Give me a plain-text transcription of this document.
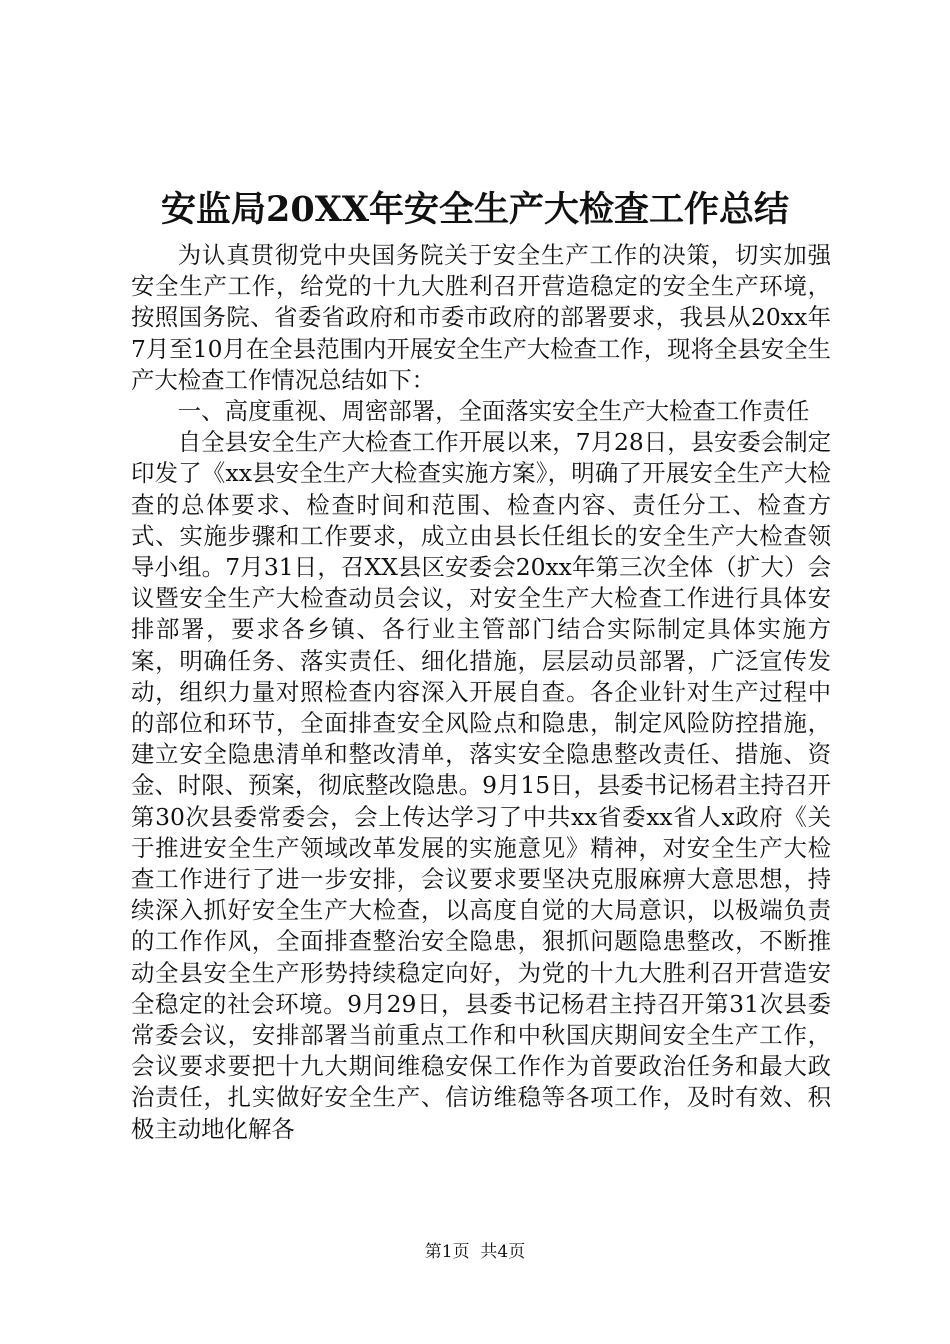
安监局20XX年安全生产大检查工作总结

为认真贯彻党中央国务院关于安全生产工作的决策，切实加强安全生产工作，给党的十九大胜利召开营造稳定的安全生产环境，按照国务院、省委省政府和市委市政府的部署要求，我县从20xx年7月至10月在全县范围内开展安全生产大检查工作，现将全县安全生产大检查工作情况总结如下：

一、高度重视、周密部署，全面落实安全生产大检查工作责任

自全县安全生产大检查工作开展以来，7月28日，县安委会制定印发了《xx县安全生产大检查实施方案》，明确了开展安全生产大检查的总体要求、检查时间和范围、检查内容、责任分工、检查方式、实施步骤和工作要求，成立由县长任组长的安全生产大检查领导小组。7月31日，召XX县区安委会20xx年第三次全体（扩大）会议暨安全生产大检查动员会议，对安全生产大检查工作进行具体安排部署，要求各乡镇、各行业主管部门结合实际制定具体实施方案，明确任务、落实责任、细化措施，层层动员部署，广泛宣传发动，组织力量对照检查内容深入开展自查。各企业针对生产过程中的部位和环节，全面排查安全风险点和隐患，制定风险防控措施，建立安全隐患清单和整改清单，落实安全隐患整改责任、措施、资金、时限、预案，彻底整改隐患。9月15日，县委书记杨君主持召开第30次县委常委会，会上传达学习了中共xx省委xx省人x政府《关于推进安全生产领域改革发展的实施意见》精神，对安全生产大检查工作进行了进一步安排，会议要求要坚决克服麻痹大意思想，持续深入抓好安全生产大检查，以高度自觉的大局意识，以极端负责的工作作风，全面排查整治安全隐患，狠抓问题隐患整改，不断推动全县安全生产形势持续稳定向好，为党的十九大胜利召开营造安全稳定的社会环境。9月29日，县委书记杨君主持召开第31次县委常委会议，安排部署当前重点工作和中秋国庆期间安全生产工作，会议要求要把十九大期间维稳安保工作作为首要政治任务和最大政治责任，扎实做好安全生产、信访维稳等各项工作，及时有效、积极主动地化解各

第1页 共4页
